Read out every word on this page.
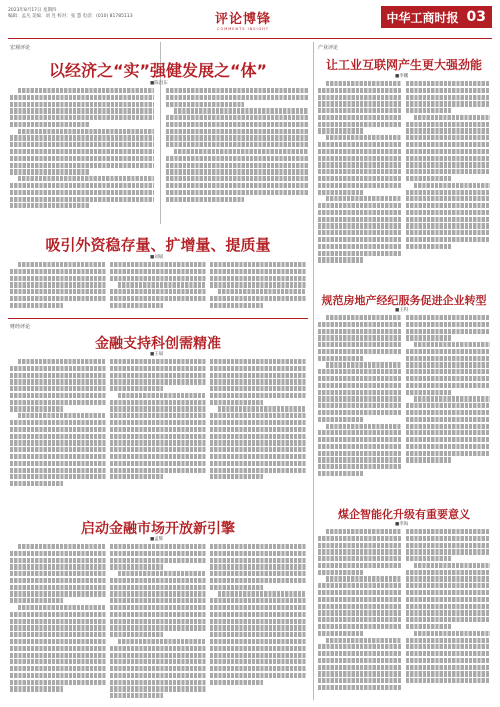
2023年8月17日 星期四
编辑：孟凡 美编：刘 昱 校对：张 慧 电话：(010) 81785113	评论博锋
COMMENTS INSIGHT
中华工商时报 03
宏观评论	产业评论
财经评论
以经济之“实”强健发展之“体”
■陈昌东
吸引外资稳存量、扩增量、提质量
■刘斌
让工业互联网产生更大强劲能
■李鹏
规范房地产经纪服务促进企业转型
■王科
金融支持科创需精准
■王斌
启动金融市场开放新引擎
■孟辉
煤企智能化升级有重要意义
■李海
